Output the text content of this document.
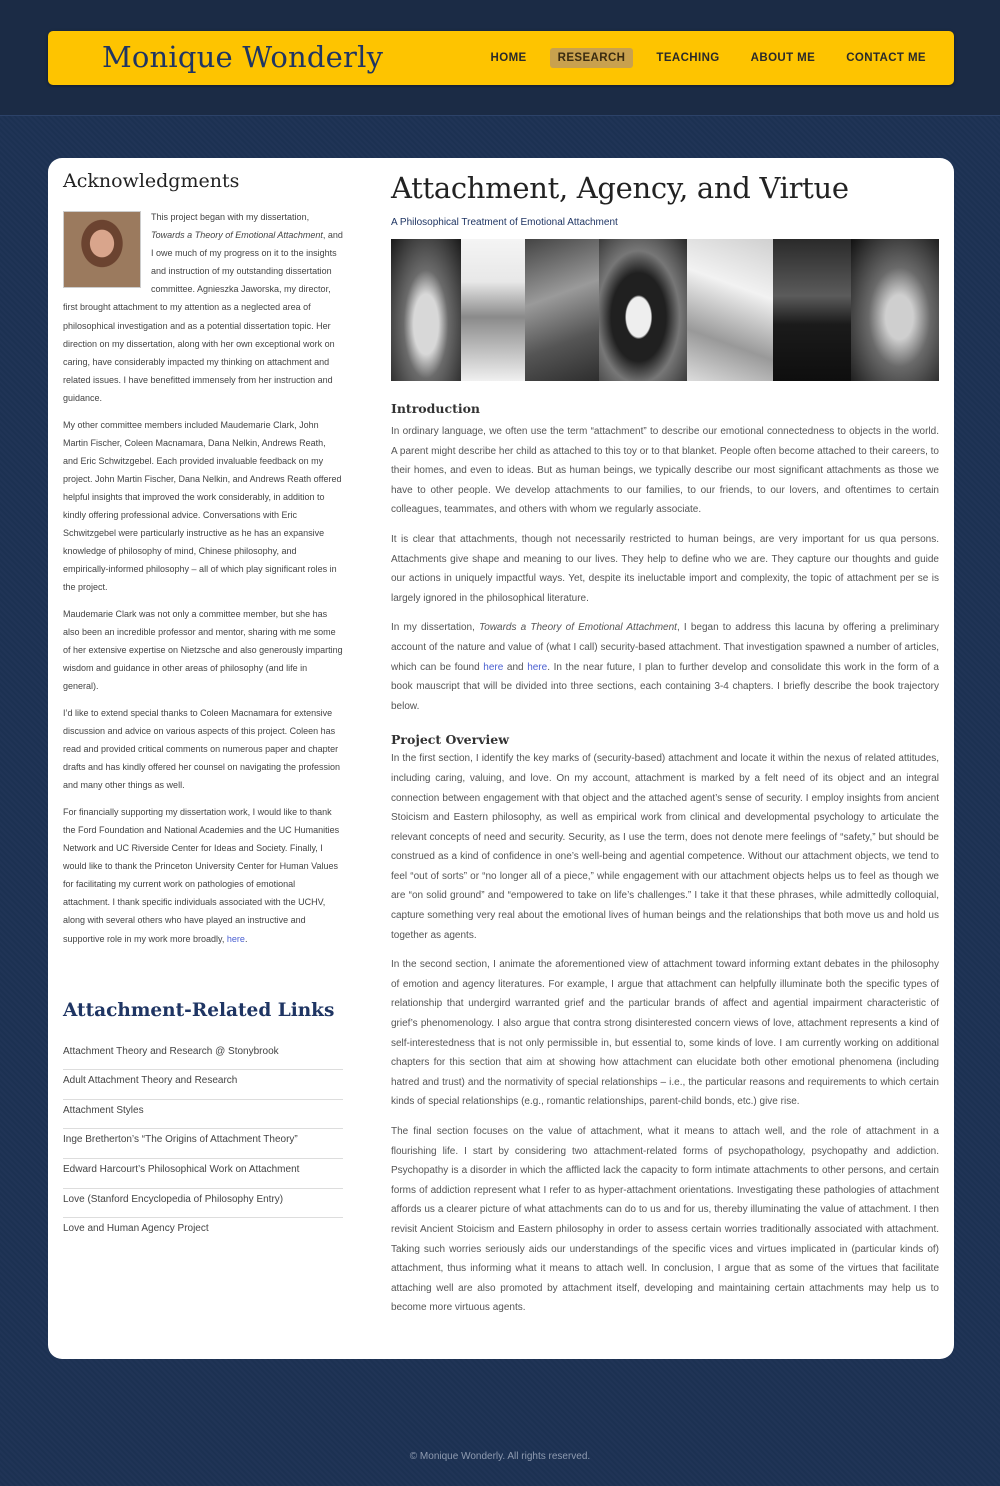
Monique Wonderly	HOME	RESEARCH	TEACHING	ABOUT ME	CONTACT ME
Acknowledgments

This project began with my dissertation, Towards a Theory of Emotional Attachment, and I owe much of my progress on it to the insights and instruction of my outstanding dissertation committee. Agnieszka Jaworska, my director, first brought attachment to my attention as a neglected area of philosophical investigation and as a potential dissertation topic. Her direction on my dissertation, along with her own exceptional work on caring, have considerably impacted my thinking on attachment and related issues. I have benefitted immensely from her instruction and guidance.

My other committee members included Maudemarie Clark, John Martin Fischer, Coleen Macnamara, Dana Nelkin, Andrews Reath, and Eric Schwitzgebel. Each provided invaluable feedback on my project. John Martin Fischer, Dana Nelkin, and Andrews Reath offered helpful insights that improved the work considerably, in addition to kindly offering professional advice. Conversations with Eric Schwitzgebel were particularly instructive as he has an expansive knowledge of philosophy of mind, Chinese philosophy, and empirically-informed philosophy – all of which play significant roles in the project.

Maudemarie Clark was not only a committee member, but she has also been an incredible professor and mentor, sharing with me some of her extensive expertise on Nietzsche and also generously imparting wisdom and guidance in other areas of philosophy (and life in general).

I’d like to extend special thanks to Coleen Macnamara for extensive discussion and advice on various aspects of this project. Coleen has read and provided critical comments on numerous paper and chapter drafts and has kindly offered her counsel on navigating the profession and many other things as well.

For financially supporting my dissertation work, I would like to thank the Ford Foundation and National Academies and the UC Humanities Network and UC Riverside Center for Ideas and Society. Finally, I would like to thank the Princeton University Center for Human Values for facilitating my current work on pathologies of emotional attachment. I thank specific individuals associated with the UCHV, along with several others who have played an instructive and supportive role in my work more broadly, here.

Attachment-Related Links
Attachment Theory and Research @ Stonybrook
Adult Attachment Theory and Research
Attachment Styles
Inge Bretherton’s “The Origins of Attachment Theory”
Edward Harcourt’s Philosophical Work on Attachment
Love (Stanford Encyclopedia of Philosophy Entry)
Love and Human Agency Project
Attachment, Agency, and Virtue
A Philosophical Treatment of Emotional Attachment
Introduction

In ordinary language, we often use the term “attachment” to describe our emotional connectedness to objects in the world. A parent might describe her child as attached to this toy or to that blanket. People often become attached to their careers, to their homes, and even to ideas. But as human beings, we typically describe our most significant attachments as those we have to other people. We develop attachments to our families, to our friends, to our lovers, and oftentimes to certain colleagues, teammates, and others with whom we regularly associate.

It is clear that attachments, though not necessarily restricted to human beings, are very important for us qua persons. Attachments give shape and meaning to our lives. They help to define who we are. They capture our thoughts and guide our actions in uniquely impactful ways. Yet, despite its ineluctable import and complexity, the topic of attachment per se is largely ignored in the philosophical literature.

In my dissertation, Towards a Theory of Emotional Attachment, I began to address this lacuna by offering a preliminary account of the nature and value of (what I call) security-based attachment. That investigation spawned a number of articles, which can be found here and here. In the near future, I plan to further develop and consolidate this work in the form of a book mauscript that will be divided into three sections, each containing 3-4 chapters. I briefly describe the book trajectory below.

Project Overview

In the first section, I identify the key marks of (security-based) attachment and locate it within the nexus of related attitudes, including caring, valuing, and love. On my account, attachment is marked by a felt need of its object and an integral connection between engagement with that object and the attached agent’s sense of security. I employ insights from ancient Stoicism and Eastern philosophy, as well as empirical work from clinical and developmental psychology to articulate the relevant concepts of need and security. Security, as I use the term, does not denote mere feelings of “safety,” but should be construed as a kind of confidence in one’s well-being and agential competence. Without our attachment objects, we tend to feel “out of sorts” or “no longer all of a piece,” while engagement with our attachment objects helps us to feel as though we are “on solid ground” and “empowered to take on life’s challenges.” I take it that these phrases, while admittedly colloquial, capture something very real about the emotional lives of human beings and the relationships that both move us and hold us together as agents.

In the second section, I animate the aforementioned view of attachment toward informing extant debates in the philosophy of emotion and agency literatures. For example, I argue that attachment can helpfully illuminate both the specific types of relationship that undergird warranted grief and the particular brands of affect and agential impairment characteristic of grief’s phenomenology. I also argue that contra strong disinterested concern views of love, attachment represents a kind of self-interestedness that is not only permissible in, but essential to, some kinds of love. I am currently working on additional chapters for this section that aim at showing how attachment can elucidate both other emotional phenomena (including hatred and trust) and the normativity of special relationships – i.e., the particular reasons and requirements to which certain kinds of special relationships (e.g., romantic relationships, parent-child bonds, etc.) give rise.

The final section focuses on the value of attachment, what it means to attach well, and the role of attachment in a flourishing life. I start by considering two attachment-related forms of psychopathology, psychopathy and addiction. Psychopathy is a disorder in which the afflicted lack the capacity to form intimate attachments to other persons, and certain forms of addiction represent what I refer to as hyper-attachment orientations. Investigating these pathologies of attachment affords us a clearer picture of what attachments can do to us and for us, thereby illuminating the value of attachment. I then revisit Ancient Stoicism and Eastern philosophy in order to assess certain worries traditionally associated with attachment. Taking such worries seriously aids our understandings of the specific vices and virtues implicated in (particular kinds of) attachment, thus informing what it means to attach well. In conclusion, I argue that as some of the virtues that facilitate attaching well are also promoted by attachment itself, developing and maintaining certain attachments may help us to become more virtuous agents.

© Monique Wonderly. All rights reserved.
